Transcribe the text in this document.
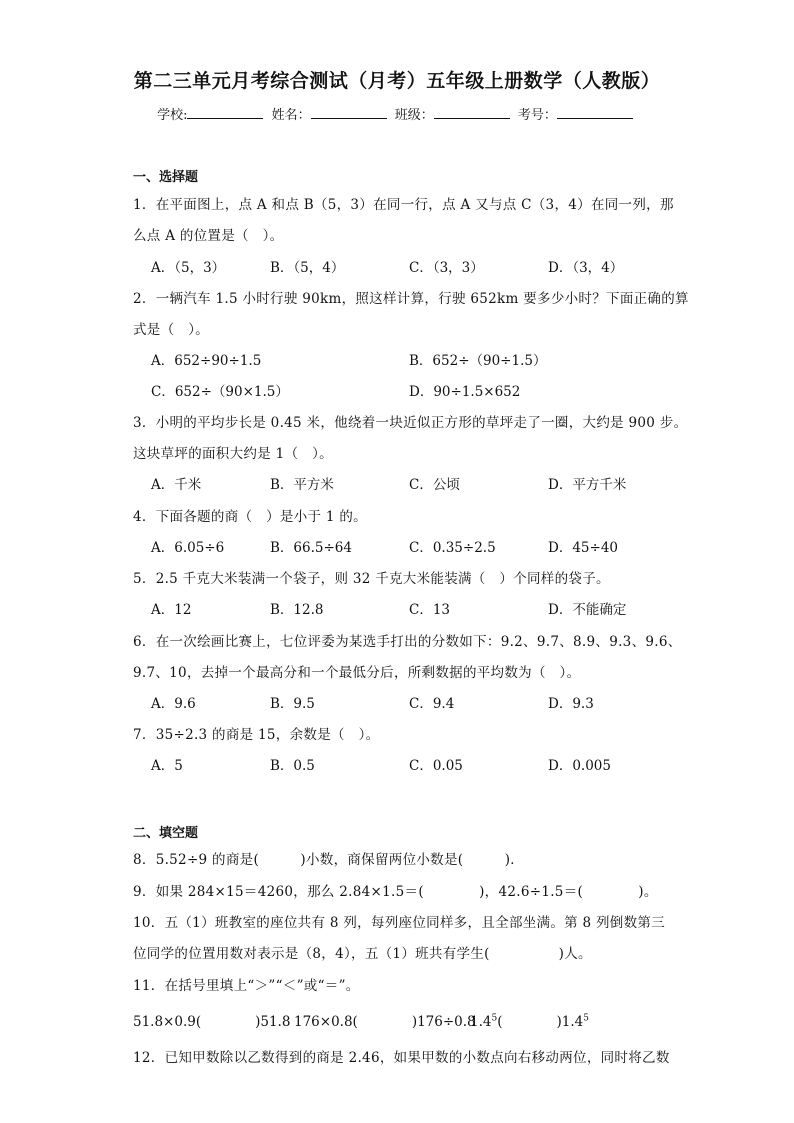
第二三单元月考综合测试（月考）五年级上册数学（人教版）
学校:	姓名：	班级：	考号：
一、选择题
1．在平面图上，点 A 和点 B（5，3）在同一行，点 A 又与点 C（3，4）在同一列，那
么点 A 的位置是（　）。
A．（5，3）	B．（5，4）	C．（3，3）	D．（3，4）
2．一辆汽车 1.5 小时行驶 90km，照这样计算，行驶 652km 要多少小时？下面正确的算
式是（　）。
A．652÷90÷1.5	B．652÷（90÷1.5）
C．652÷（90×1.5）	D．90÷1.5×652
3．小明的平均步长是 0.45 米，他绕着一块近似正方形的草坪走了一圈，大约是 900 步。
这块草坪的面积大约是 1（　）。
A．千米	B．平方米	C．公顷	D．平方千米
4．下面各题的商（　）是小于 1 的。
A．6.05÷6	B．66.5÷64	C．0.35÷2.5	D．45÷40
5．2.5 千克大米装满一个袋子，则 32 千克大米能装满（　）个同样的袋子。
A．12	B．12.8	C．13	D．不能确定
6．在一次绘画比赛上，七位评委为某选手打出的分数如下：9.2、9.7、8.9、9.3、9.6、
9.7、10，去掉一个最高分和一个最低分后，所剩数据的平均数为（　）。
A．9.6	B．9.5	C．9.4	D．9.3
7．35÷2.3 的商是 15，余数是（　）。
A．5	B．0.5	C．0.05	D．0.005
二、填空题
8．5.52÷9 的商是(　　　)小数，商保留两位小数是(　　　)．
9．如果 284×15＝4260，那么 2.84×1.5＝(　　　　)，42.6÷1.5＝(　　　　)。
10．五（1）班教室的座位共有 8 列，每列座位同样多，且全部坐满。第 8 列倒数第三
位同学的位置用数对表示是（8，4），五（1）班共有学生(　　　　　)人。
11．在括号里填上“＞”“＜”或“＝”。
51.8×0.9(　　　　)51.8 176×0.8(　　　　)176÷0.8
$1.4^5$(　　　　)$1.4^5$
12．已知甲数除以乙数得到的商是 2.46，如果甲数的小数点向右移动两位，同时将乙数
